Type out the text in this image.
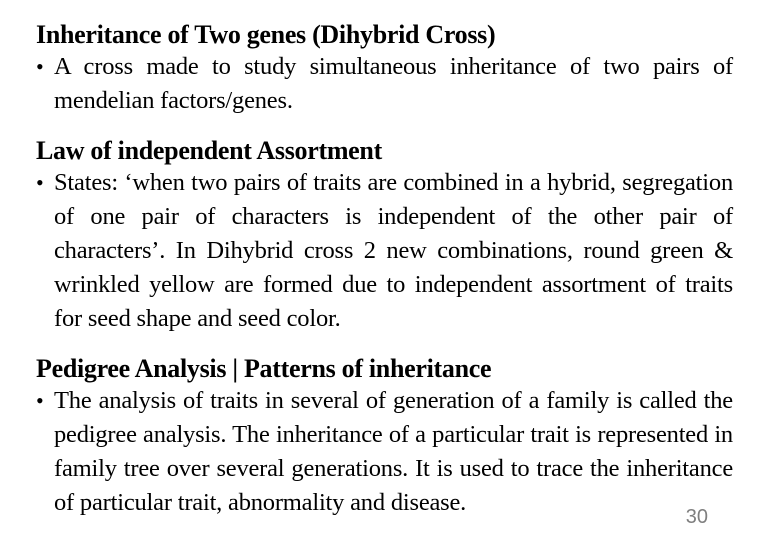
Inheritance of Two genes (Dihybrid Cross)
• A cross made to study simultaneous inheritance of two pairs of mendelian factors/genes.
Law of independent Assortment
• States: ‘when two pairs of traits are combined in a hybrid, segregation of one pair of characters is independent of the other pair of characters’. In Dihybrid cross 2 new combinations, round green & wrinkled yellow are formed due to independent assortment of traits for seed shape and seed color.
Pedigree Analysis | Patterns of inheritance
• The analysis of traits in several of generation of a family is called the pedigree analysis. The inheritance of a particular trait is represented in family tree over several generations. It is used to trace the inheritance of particular trait, abnormality and disease.
30
